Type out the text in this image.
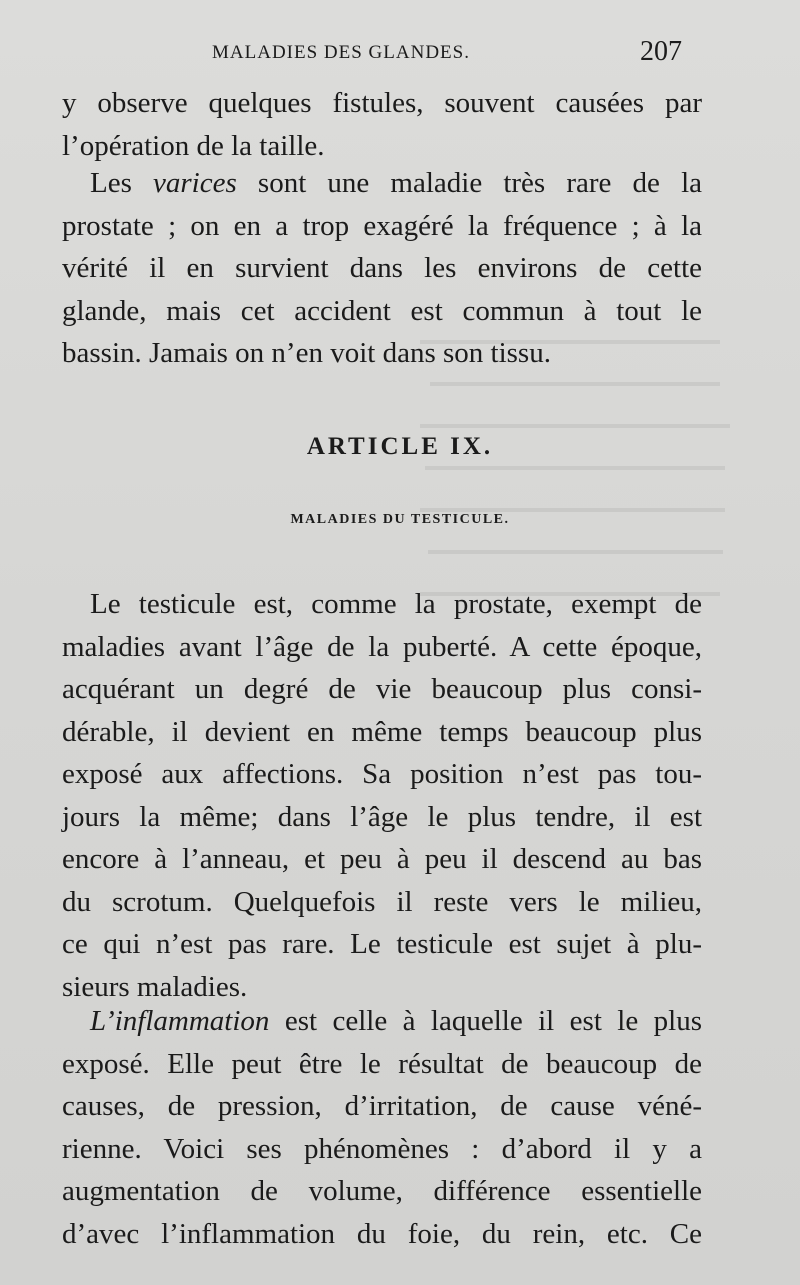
MALADIES DES GLANDES.	207
y observe quelques fistules, souvent causées par
l’opération de la taille.
Les varices sont une maladie très rare de la
prostate ; on en a trop exagéré la fréquence ; à la
vérité il en survient dans les environs de cette
glande, mais cet accident est commun à tout le
bassin. Jamais on n’en voit dans son tissu.
ARTICLE IX.
MALADIES DU TESTICULE.
Le testicule est, comme la prostate, exempt de
maladies avant l’âge de la puberté. A cette époque,
acquérant un degré de vie beaucoup plus consi-
dérable, il devient en même temps beaucoup plus
exposé aux affections. Sa position n’est pas tou-
jours la même; dans l’âge le plus tendre, il est
encore à l’anneau, et peu à peu il descend au bas
du scrotum. Quelquefois il reste vers le milieu,
ce qui n’est pas rare. Le testicule est sujet à plu-
sieurs maladies.
L’inflammation est celle à laquelle il est le plus
exposé. Elle peut être le résultat de beaucoup de
causes, de pression, d’irritation, de cause véné-
rienne. Voici ses phénomènes : d’abord il y a
augmentation de volume, différence essentielle
d’avec l’inflammation du foie, du rein, etc. Ce
